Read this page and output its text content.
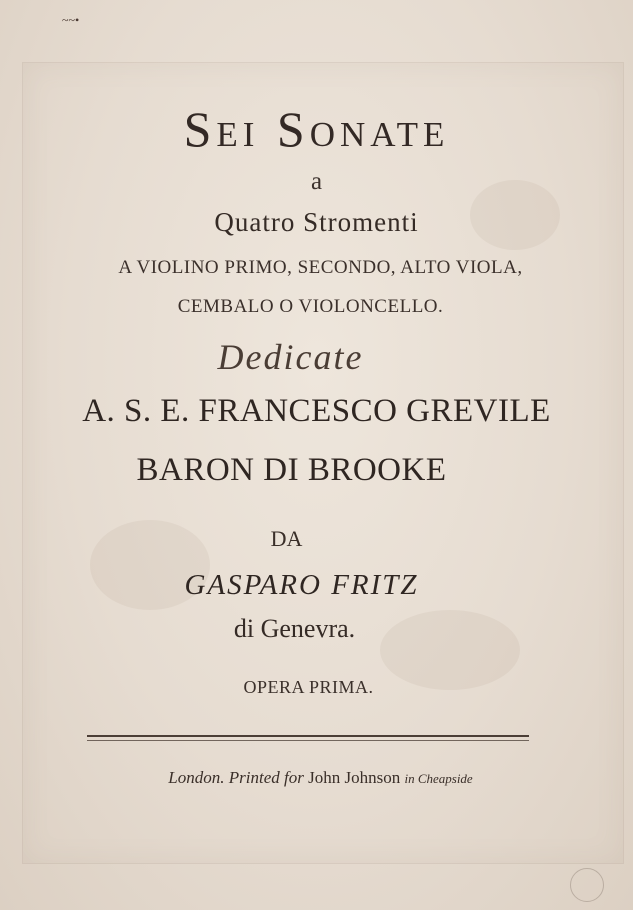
~~•
Sei Sonate
a
Quatro Stromenti
A VIOLINO PRIMO, SECONDO, ALTO VIOLA,
CEMBALO O VIOLONCELLO.
Dedicate
A. S. E. FRANCESCO GREVILE
BARON DI BROOKE
DA
GASPARO FRITZ
di Genevra.
OPERA PRIMA.
London. Printed for John Johnson in Cheapside
